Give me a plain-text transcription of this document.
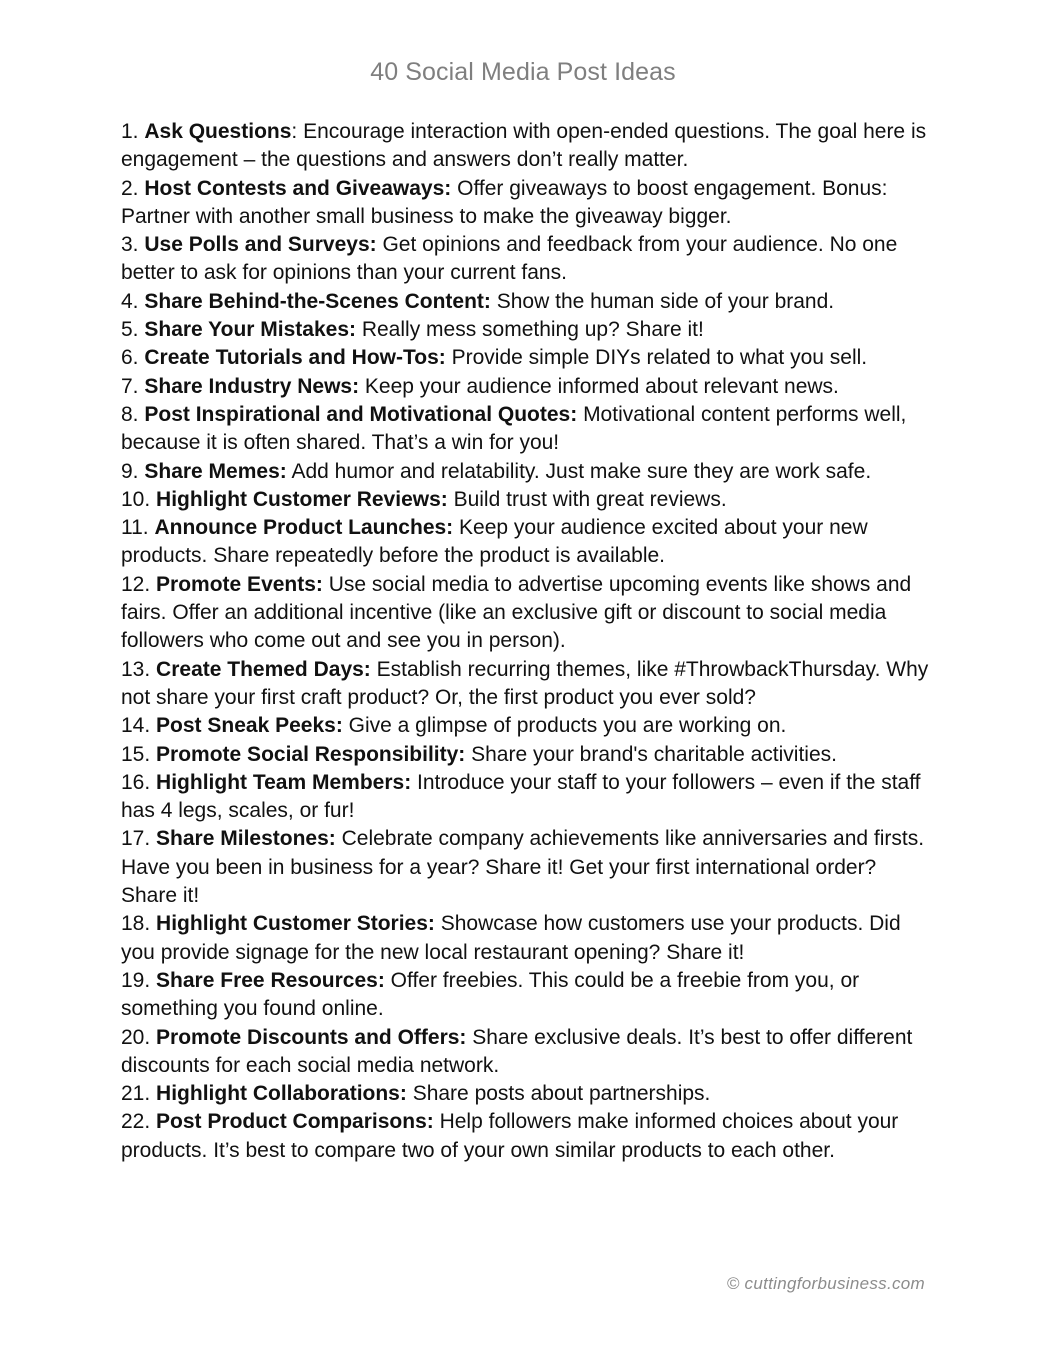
40 Social Media Post Ideas
1. Ask Questions: Encourage interaction with open-ended questions. The goal here is engagement – the questions and answers don’t really matter.
2. Host Contests and Giveaways: Offer giveaways to boost engagement. Bonus: Partner with another small business to make the giveaway bigger.
3. Use Polls and Surveys: Get opinions and feedback from your audience. No one better to ask for opinions than your current fans.
4. Share Behind-the-Scenes Content: Show the human side of your brand.
5. Share Your Mistakes: Really mess something up? Share it!
6. Create Tutorials and How-Tos: Provide simple DIYs related to what you sell.
7. Share Industry News: Keep your audience informed about relevant news.
8. Post Inspirational and Motivational Quotes: Motivational content performs well, because it is often shared. That’s a win for you!
9. Share Memes: Add humor and relatability. Just make sure they are work safe.
10. Highlight Customer Reviews: Build trust with great reviews.
11. Announce Product Launches: Keep your audience excited about your new products. Share repeatedly before the product is available.
12. Promote Events: Use social media to advertise upcoming events like shows and fairs. Offer an additional incentive (like an exclusive gift or discount to social media followers who come out and see you in person).
13. Create Themed Days: Establish recurring themes, like #ThrowbackThursday. Why not share your first craft product? Or, the first product you ever sold?
14. Post Sneak Peeks: Give a glimpse of products you are working on.
15. Promote Social Responsibility: Share your brand's charitable activities.
16. Highlight Team Members: Introduce your staff to your followers – even if the staff has 4 legs, scales, or fur!
17. Share Milestones: Celebrate company achievements like anniversaries and firsts. Have you been in business for a year? Share it! Get your first international order? Share it!
18. Highlight Customer Stories: Showcase how customers use your products. Did you provide signage for the new local restaurant opening? Share it!
19. Share Free Resources: Offer freebies. This could be a freebie from you, or something you found online.
20. Promote Discounts and Offers: Share exclusive deals. It’s best to offer different discounts for each social media network.
21. Highlight Collaborations: Share posts about partnerships.
22. Post Product Comparisons: Help followers make informed choices about your products. It’s best to compare two of your own similar products to each other.
© cuttingforbusiness.com
